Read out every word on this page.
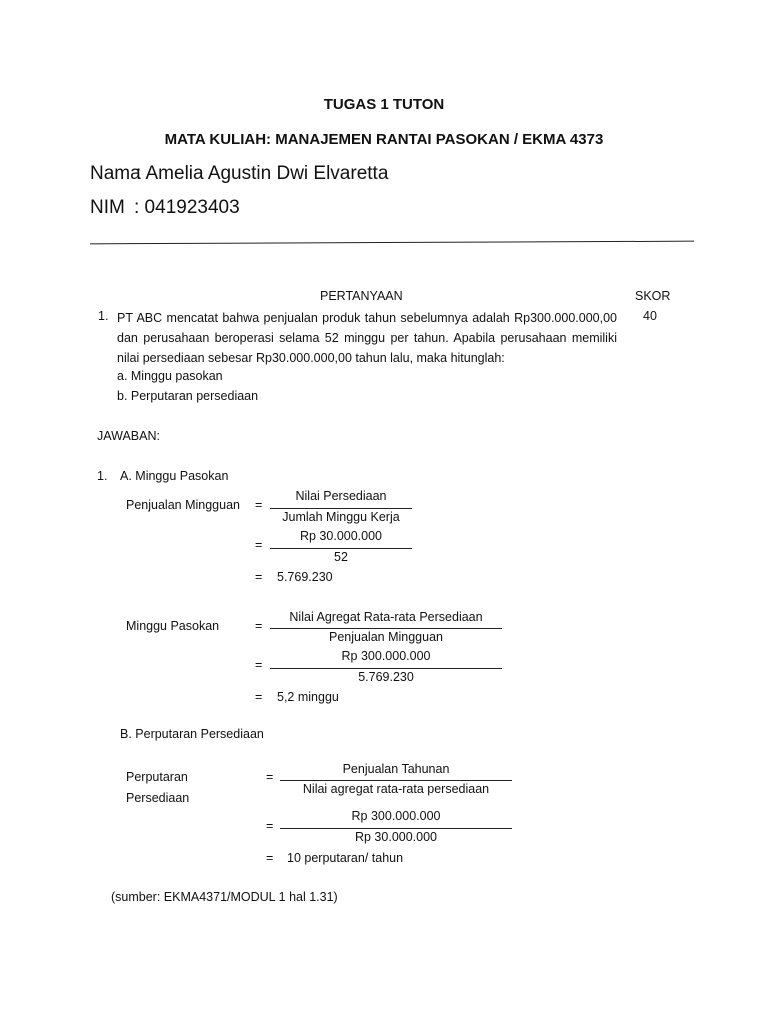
TUGAS 1 TUTON
MATA KULIAH: MANAJEMEN RANTAI PASOKAN / EKMA 4373
Nama
: Amelia Agustin Dwi Elvaretta
NIM : 041923403
PERTANYAAN	SKOR
1. PT ABC mencatat bahwa penjualan produk tahun sebelumnya adalah Rp300.000.000,00 dan perusahaan beroperasi selama 52 minggu per tahun. Apabila perusahaan memiliki nilai persediaan sebesar Rp30.000.000,00 tahun lalu, maka hitunglah:
40
a. Minggu pasokan
b. Perputaran persediaan
JAWABAN:
1. A. Minggu Pasokan
Penjualan Mingguan =
Nilai Persediaan
Jumlah Minggu Kerja
=
Rp 30.000.000
52
= 5.769.230
Minggu Pasokan	=
Nilai Agregat Rata-rata Persediaan
Penjualan Mingguan
=
Rp 300.000.000
5.769.230
= 5,2 minggu
B. Perputaran Persediaan
Perputaran
Persediaan
=
Penjualan Tahunan
Nilai agregat rata-rata persediaan
=
Rp 300.000.000
Rp 30.000.000
= 10 perputaran/ tahun
(sumber: EKMA4371/MODUL 1 hal 1.31)
